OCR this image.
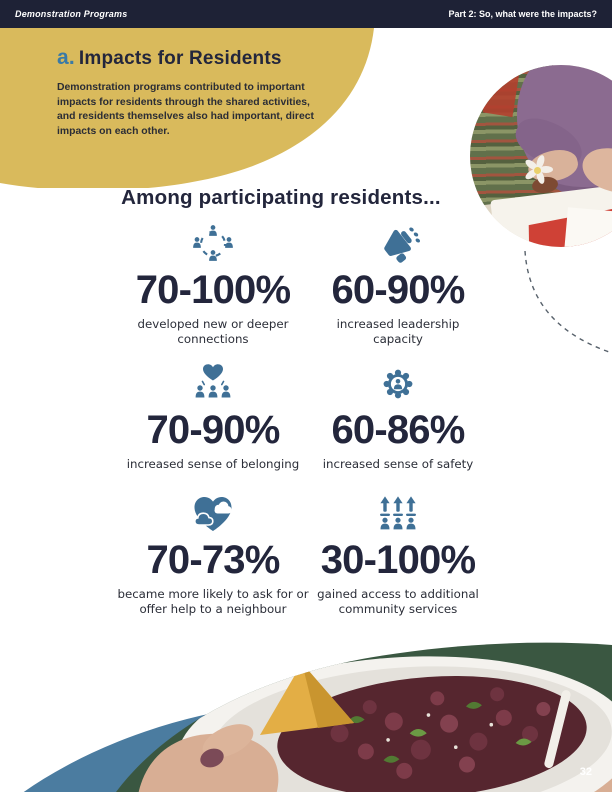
Demonstration Programs	Part 2: So, what were the impacts?
a. Impacts for Residents

Demonstration programs contributed to important impacts for residents through the shared activities, and residents themselves also had important, direct impacts on each other.

Among participating residents...
70-100%
developed new or deeper connections
60-90%
increased leadership capacity
70-90%
increased sense of belonging
60-86%
increased sense of safety
70-73%
became more likely to ask for or offer help to a neighbour
30-100%
gained access to additional community services
32
